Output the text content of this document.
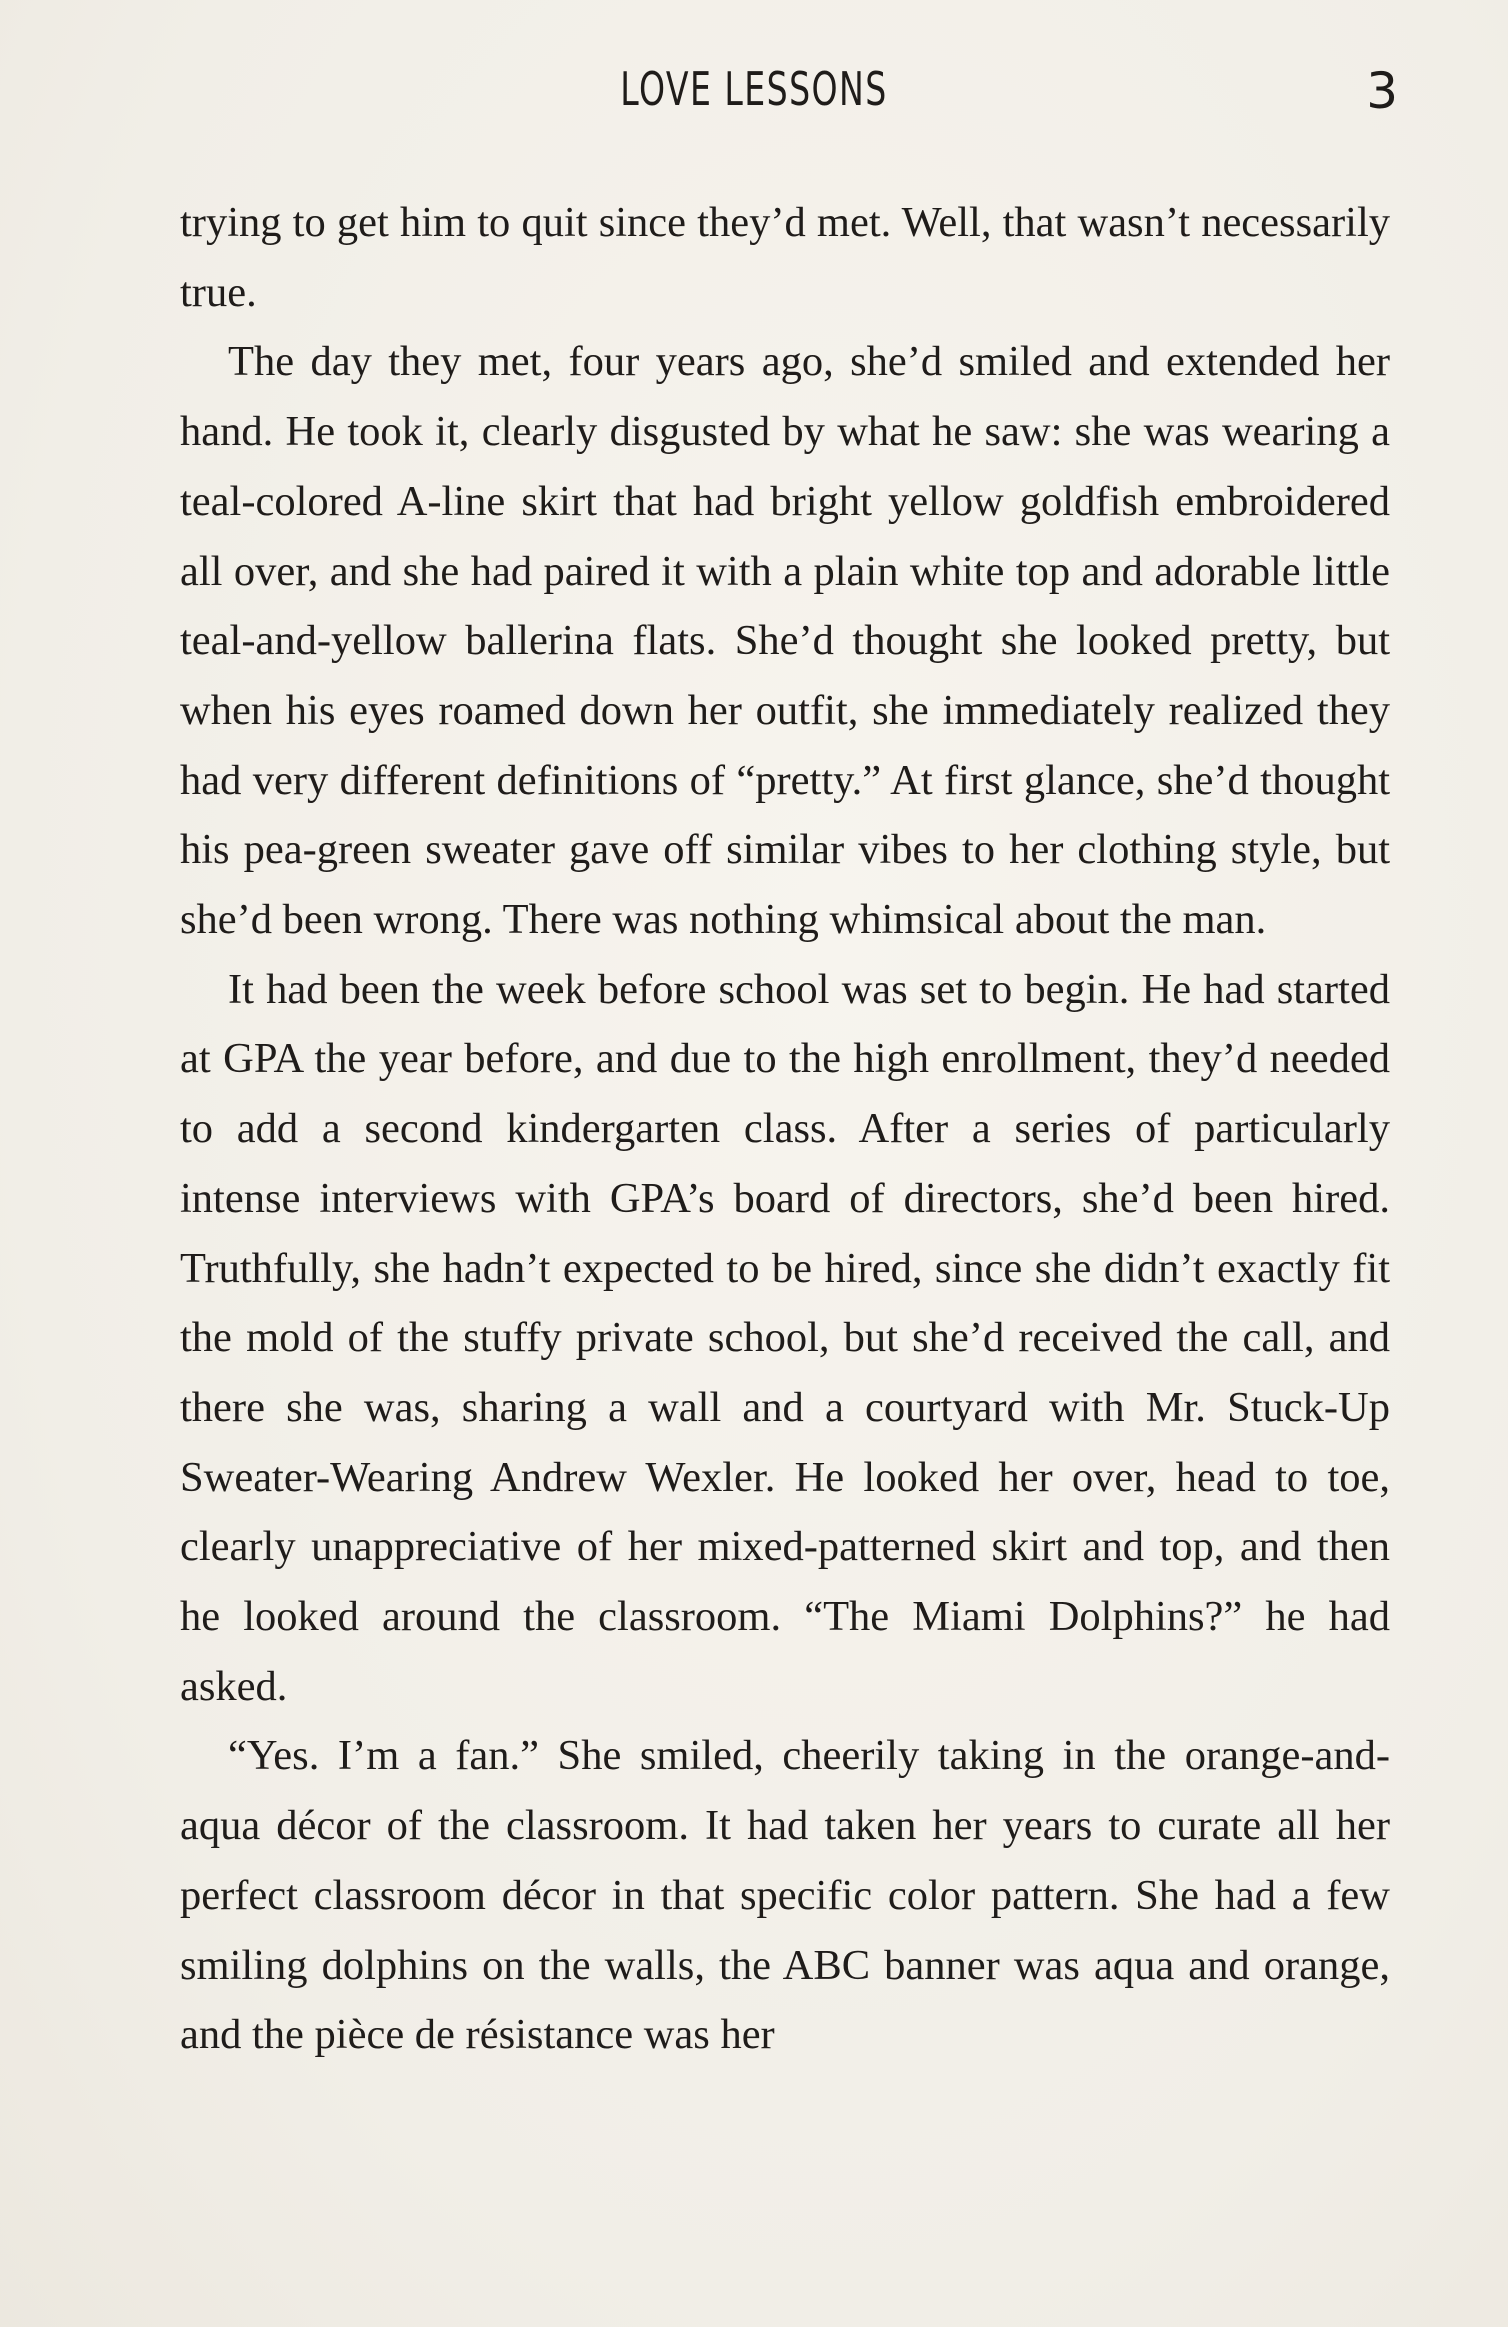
LOVE LESSONS	3

trying to get him to quit since they’d met. Well, that wasn’t necessarily true.

The day they met, four years ago, she’d smiled and extended her hand. He took it, clearly disgusted by what he saw: she was wearing a teal-colored A-line skirt that had bright yellow goldfish embroidered all over, and she had paired it with a plain white top and adorable little teal-and-yellow ballerina flats. She’d thought she looked pretty, but when his eyes roamed down her outfit, she immediately realized they had very different definitions of “pretty.” At first glance, she’d thought his pea-green sweater gave off similar vibes to her clothing style, but she’d been wrong. There was nothing whimsical about the man.

It had been the week before school was set to begin. He had started at GPA the year before, and due to the high enrollment, they’d needed to add a second kindergarten class. After a series of particularly intense interviews with GPA’s board of directors, she’d been hired. Truthfully, she hadn’t expected to be hired, since she didn’t exactly fit the mold of the stuffy private school, but she’d received the call, and there she was, sharing a wall and a courtyard with Mr. Stuck-Up Sweater-Wearing Andrew Wexler. He looked her over, head to toe, clearly unappreciative of her mixed-patterned skirt and top, and then he looked around the classroom. “The Miami Dolphins?” he had asked.

“Yes. I’m a fan.” She smiled, cheerily taking in the orange-and-aqua décor of the classroom. It had taken her years to curate all her perfect classroom décor in that specific color pattern. She had a few smiling dolphins on the walls, the ABC banner was aqua and orange, and the pièce de résistance was her
